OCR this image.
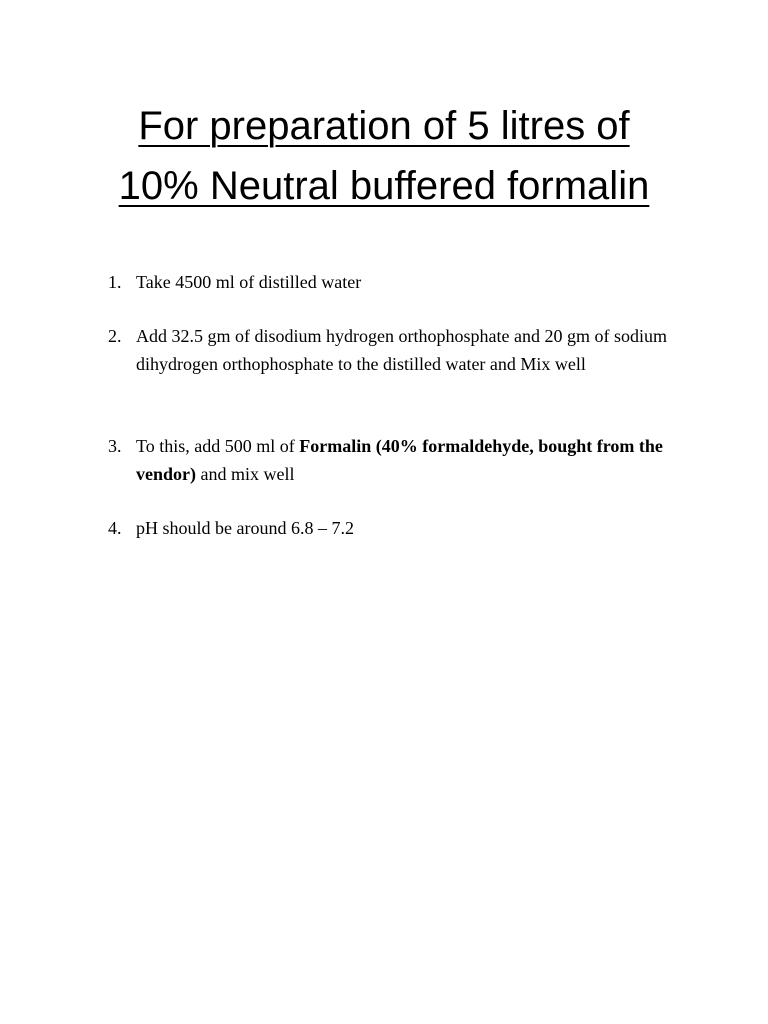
For preparation of 5 litres of
10% Neutral buffered formalin
1. Take 4500 ml of distilled water
2. Add 32.5 gm of disodium hydrogen orthophosphate and 20 gm of sodium dihydrogen orthophosphate to the distilled water and Mix well
3. To this, add 500 ml of Formalin (40% formaldehyde, bought from the vendor) and mix well
4. pH should be around 6.8 – 7.2
